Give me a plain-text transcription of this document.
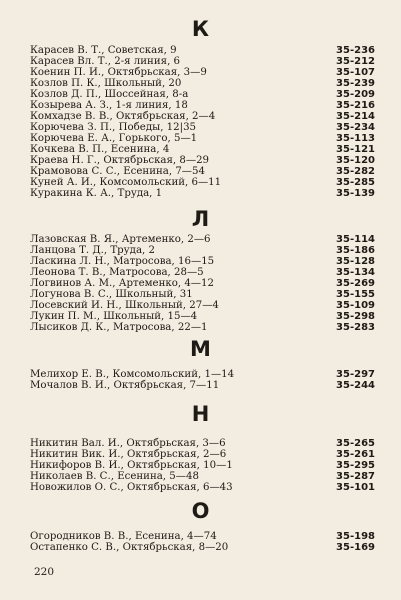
К
Карасев В. Т., Советская, 9	35-236
Карасев Вл. Т., 2-я линия, 6	35-212
Коенин П. И., Октябрьская, 3—9	35-107
Козлов П. К., Школьный, 20	35-239
Козлов Д. П., Шоссейная, 8-а	35-209
Козырева А. З., 1-я линия, 18	35-216
Комхадзе В. В., Октябрьская, 2—4	35-214
Корючева З. П., Победы, 12|35	35-234
Корючева Е. А., Горького, 5—1	35-113
Кочкева В. П., Есенина, 4	35-121
Краева Н. Г., Октябрьская, 8—29	35-120
Крамовова С. С., Есенина, 7—54	35-282
Куней А. И., Комсомольский, 6—11	35-285
Куракина К. А., Труда, 1	35-139
Л
Лазовская В. Я., Артеменко, 2—6	35-114
Ланцова Т. Д., Труда, 2	35-186
Ласкина Л. Н., Матросова, 16—15	35-128
Леонова Т. В., Матросова, 28—5	35-134
Логвинов А. М., Артеменко, 4—12	35-269
Логунова В. С., Школьный, 31	35-155
Лосевский И. Н., Школьный, 27—4	35-109
Лукин П. М., Школьный, 15—4	35-298
Лысиков Д. К., Матросова, 22—1	35-283
М
Мелихор Е. В., Комсомольский, 1—14	35-297
Мочалов В. И., Октябрьская, 7—11	35-244
Н
Никитин Вал. И., Октябрьская, 3—6	35-265
Никитин Вик. И., Октябрьская, 2—6	35-261
Никифоров В. И., Октябрьская, 10—1	35-295
Николаев В. С., Есенина, 5—48	35-287
Новожилов О. С., Октябрьская, 6—43	35-101
О
Огородников В. В., Есенина, 4—74	35-198
Остапенко С. В., Октябрьская, 8—20	35-169
220
